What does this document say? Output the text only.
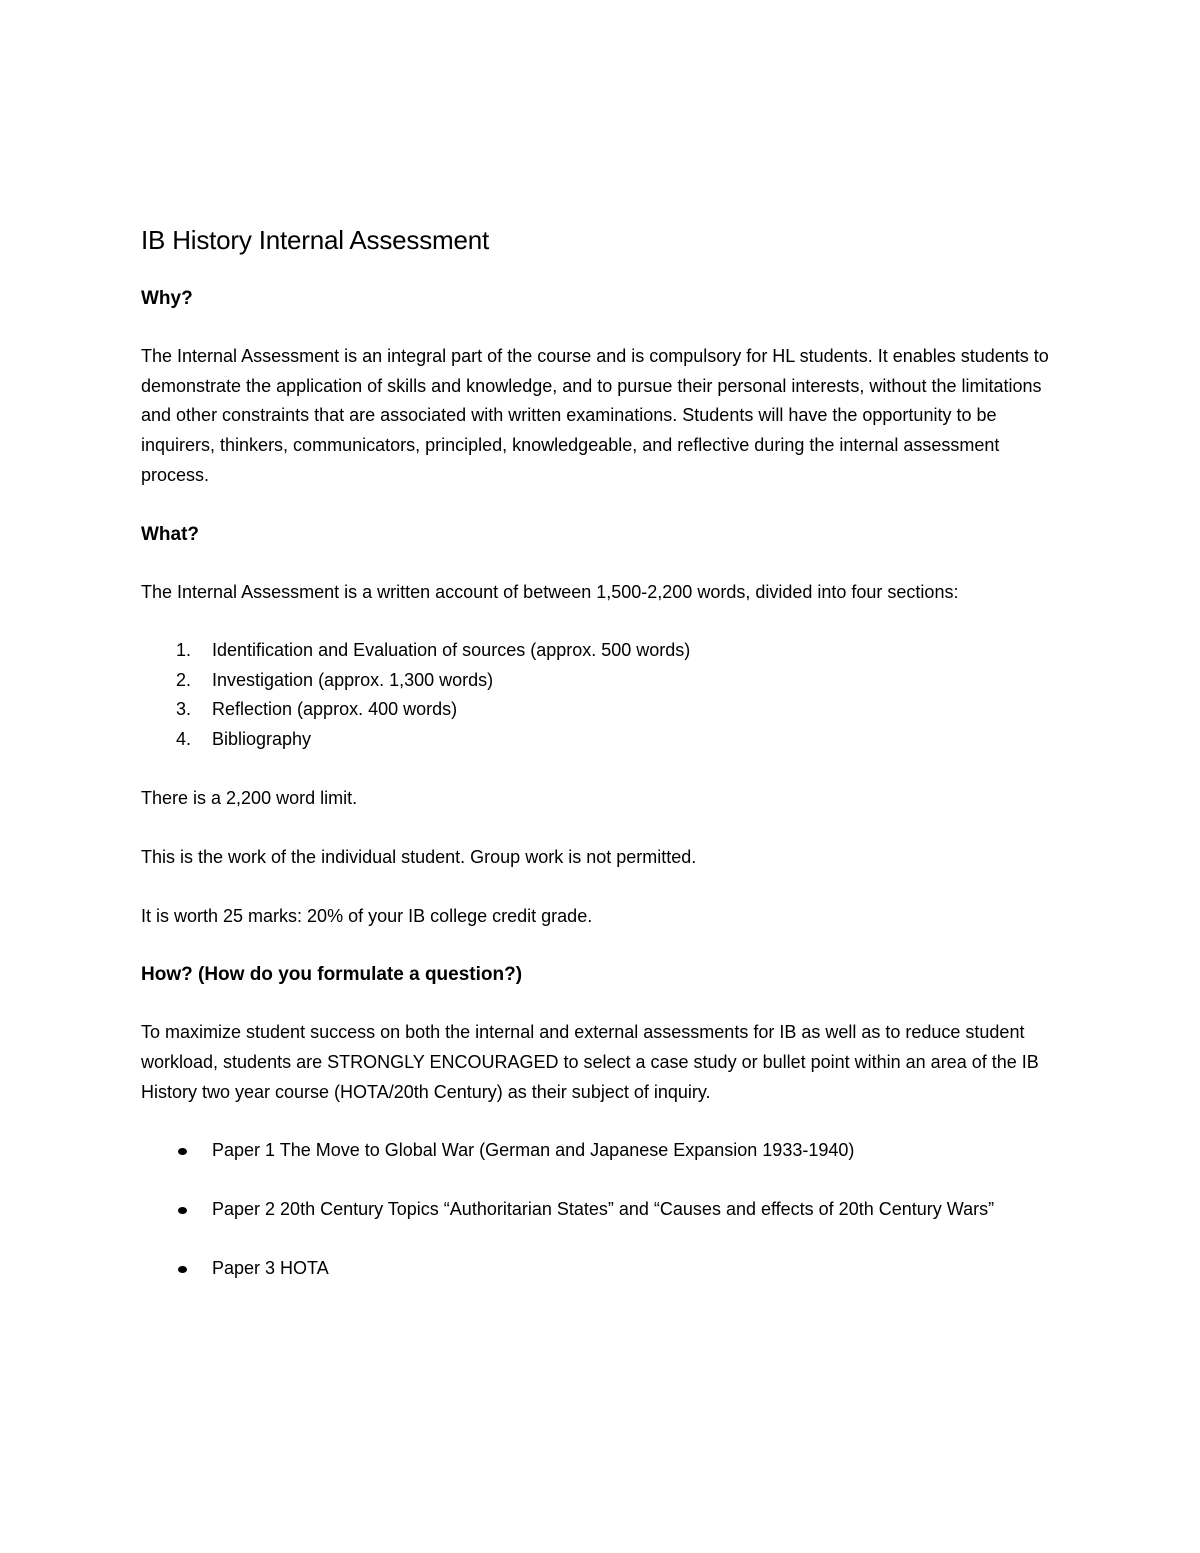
IB History Internal Assessment
Why?
The Internal Assessment is an integral part of the course and is compulsory for HL students. It enables students to demonstrate the application of skills and knowledge, and to pursue their personal interests, without the limitations and other constraints that are associated with written examinations. Students will have the opportunity to be inquirers, thinkers, communicators, principled, knowledgeable, and reflective during the internal assessment process.
What?
The Internal Assessment is a written account of between 1,500-2,200 words, divided into four sections:
1. Identification and Evaluation of sources (approx. 500 words)
2. Investigation (approx. 1,300 words)
3. Reflection (approx. 400 words)
4. Bibliography
There is a 2,200 word limit.
This is the work of the individual student. Group work is not permitted.
It is worth 25 marks: 20% of your IB college credit grade.
How? (How do you formulate a question?)
To maximize student success on both the internal and external assessments for IB as well as to reduce student workload, students are STRONGLY ENCOURAGED to select a case study or bullet point within an area of the IB History two year course (HOTA/20th Century) as their subject of inquiry.
Paper 1 The Move to Global War (German and Japanese Expansion 1933-1940)
Paper 2 20th Century Topics “Authoritarian States” and “Causes and effects of 20th Century Wars”
Paper 3 HOTA
